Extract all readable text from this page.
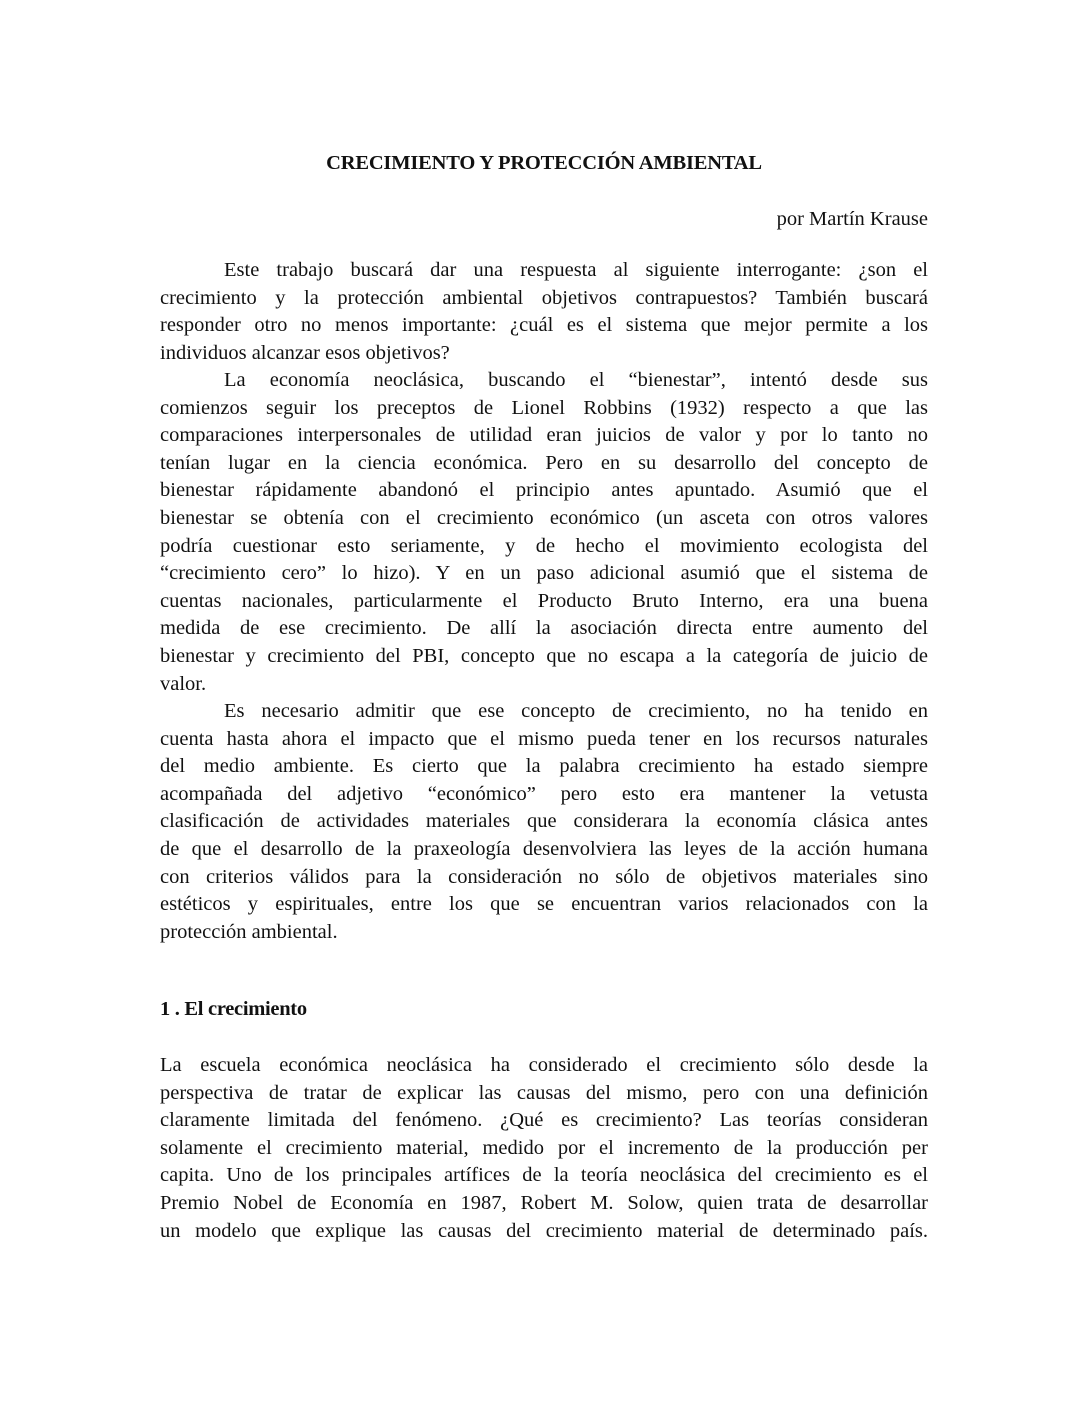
CRECIMIENTO Y PROTECCIÓN AMBIENTAL
por Martín Krause
Este trabajo buscará dar una respuesta al siguiente interrogante: ¿son el
crecimiento y la protección ambiental objetivos contrapuestos? También buscará
responder otro no menos importante: ¿cuál es el sistema que mejor permite a los
individuos alcanzar esos objetivos?
La economía neoclásica, buscando el “bienestar”, intentó desde sus
comienzos seguir los preceptos de Lionel Robbins (1932) respecto a que las
comparaciones interpersonales de utilidad eran juicios de valor y por lo tanto no
tenían lugar en la ciencia económica. Pero en su desarrollo del concepto de
bienestar rápidamente abandonó el principio antes apuntado. Asumió que el
bienestar se obtenía con el crecimiento económico (un asceta con otros valores
podría cuestionar esto seriamente, y de hecho el movimiento ecologista del
“crecimiento cero” lo hizo). Y en un paso adicional asumió que el sistema de
cuentas nacionales, particularmente el Producto Bruto Interno, era una buena
medida de ese crecimiento. De allí la asociación directa entre aumento del
bienestar y crecimiento del PBI, concepto que no escapa a la categoría de juicio de
valor.
Es necesario admitir que ese concepto de crecimiento, no ha tenido en
cuenta hasta ahora el impacto que el mismo pueda tener en los recursos naturales
del medio ambiente. Es cierto que la palabra crecimiento ha estado siempre
acompañada del adjetivo “económico” pero esto era mantener la vetusta
clasificación de actividades materiales que considerara la economía clásica antes
de que el desarrollo de la praxeología desenvolviera las leyes de la acción humana
con criterios válidos para la consideración no sólo de objetivos materiales sino
estéticos y espirituales, entre los que se encuentran varios relacionados con la
protección ambiental.
1 . El crecimiento
La escuela económica neoclásica ha considerado el crecimiento sólo desde la
perspectiva de tratar de explicar las causas del mismo, pero con una definición
claramente limitada del fenómeno. ¿Qué es crecimiento? Las teorías consideran
solamente el crecimiento material, medido por el incremento de la producción per
capita. Uno de los principales artífices de la teoría neoclásica del crecimiento es el
Premio Nobel de Economía en 1987, Robert M. Solow, quien trata de desarrollar
un modelo que explique las causas del crecimiento material de determinado país.
